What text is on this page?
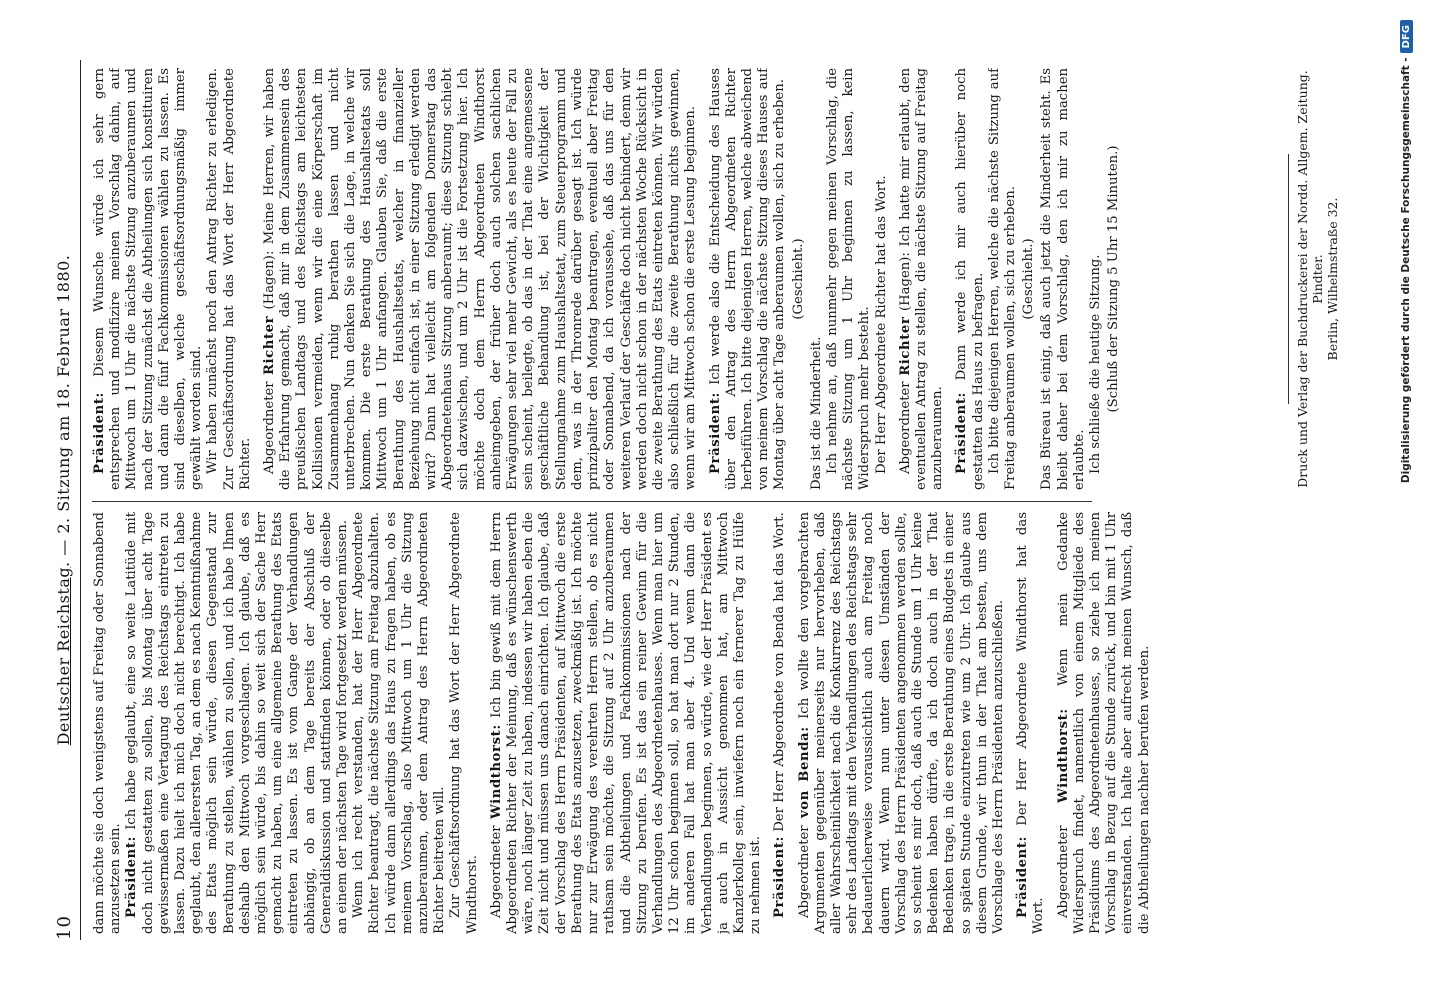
10
Deutscher Reichstag. — 2. Sitzung am 18. Februar 1880.

dann möchte sie doch wenigstens auf Freitag oder Sonnabend anzusetzen sein. Präsident: Ich habe geglaubt, eine so weite Latitüde mit doch nicht gestatten zu sollen, bis Montag über acht Tage gewissermaßen eine Vertagung des Reichstags eintreten zu lassen. Dazu hielt ich mich doch nicht berechtigt. Ich habe geglaubt, den allerersten Tag, an dem es nach Kenntnißnahme des Etats möglich sein würde, diesen Gegenstand zur Berathung zu stellen, wählen zu sollen, und ich habe Ihnen deshalb den Mittwoch vorgeschlagen. Ich glaube, daß es möglich sein würde, bis dahin so weit sich der Sache Herr gemacht zu haben, um eine allgemeine Berathung des Etats eintreten zu lassen. Es ist vom Gange der Verhandlungen abhängig, ob an dem Tage bereits der Abschluß der Generaldiskussion und stattfinden können, oder ob dieselbe an einem der nächsten Tage wird fortgesetzt werden müssen. Wenn ich recht verstanden, hat der Herr Abgeordnete Richter beantragt, die nächste Sitzung am Freitag abzuhalten. Ich würde dann allerdings das Haus zu fragen haben, ob es meinem Vorschlag, also Mittwoch um 1 Uhr die Sitzung anzuberaumen, oder dem Antrag des Herrn Abgeordneten Richter beitreten will. Zur Geschäftsordnung hat das Wort der Herr Abgeordnete Windthorst. Abgeordneter Windthorst: Ich bin gewiß mit dem Herrn Abgeordneten Richter der Meinung, daß es wünschenswerth wäre, noch länger Zeit zu haben, indessen wir haben eben die Zeit nicht und müssen uns danach einrichten. Ich glaube, daß der Vorschlag des Herrn Präsidenten, auf Mittwoch die erste Berathung des Etats anzusetzen, zweckmäßig ist. Ich möchte nur zur Erwägung des verehrten Herrn stellen, ob es nicht rathsam sein möchte, die Sitzung auf 2 Uhr anzuberaumen und die Abtheilungen und Fachkommissionen nach der Sitzung zu berufen. Es ist das ein reiner Gewinn für die Verhandlungen des Abgeordnetenhauses. Wenn man hier um 12 Uhr schon beginnen soll, so hat man dort nur 2 Stunden, im anderen Fall hat man aber 4. Und wenn dann die Verhandlungen beginnen, so würde, wie der Herr Präsident es ja auch in Aussicht genommen hat, am Mittwoch Kanzlerkolleg sein, inwiefern noch ein fernerer Tag zu Hülfe zu nehmen ist. Präsident: Der Herr Abgeordnete von Benda hat das Wort.

Abgeordneter von Benda: Ich wollte den vorgebrachten Argumenten gegenüber meinerseits nur hervorheben, daß aller Wahrscheinlichkeit nach die Konkurrenz des Reichstags sehr des Landtags mit den Verhandlungen des Reichstags sehr bedauerlicherweise voraussichtlich auch am Freitag noch dauern wird. Wenn nun unter diesen Umständen der Vorschlag des Herrn Präsidenten angenommen werden sollte, so scheint es mir doch, daß auch die Stunde um 1 Uhr keine Bedenken haben dürfte, da ich doch auch in der That Bedenken trage, in die erste Berathung eines Budgets in einer so späten Stunde einzutreten wie um 2 Uhr. Ich glaube aus diesem Grunde, wir thun in der That am besten, uns dem Vorschlage des Herrn Präsidenten anzuschließen. Präsident: Der Herr Abgeordnete Windthorst hat das Wort. Abgeordneter Windthorst: Wenn mein Gedanke Widerspruch findet, namentlich von einem Mitgliede des Präsidiums des Abgeordnetenhauses, so ziehe ich meinen Vorschlag in Bezug auf die Stunde zurück, und bin mit 1 Uhr einverstanden. Ich halte aber aufrecht meinen Wunsch, daß die Abtheilungen nachher berufen werden.

Präsident: Diesem Wunsche würde ich sehr gern entsprechen und modifizire meinen Vorschlag dahin, auf Mittwoch um 1 Uhr die nächste Sitzung anzuberaumen und nach der Sitzung zunächst die Abtheilungen sich konstituiren und dann die fünf Fachkommissionen wählen zu lassen. Es sind dieselben, welche geschäftsordnungsmäßig immer gewählt worden sind. Wir haben zunächst noch den Antrag Richter zu erledigen. Zur Geschäftsordnung hat das Wort der Herr Abgeordnete Richter. Abgeordneter Richter (Hagen): Meine Herren, wir haben die Erfahrung gemacht, daß mir in dem Zusammensein des preußischen Landtags und des Reichstags am leichtesten Kollisionen vermeiden, wenn wir die eine Körperschaft im Zusammenhang ruhig berathen lassen und nicht unterbrechen. Nun denken Sie sich die Lage, in welche wir kommen. Die erste Berathung des Haushaltsetats soll Mittwoch um 1 Uhr anfangen. Glauben Sie, daß die erste Berathung des Haushaltsetats, welcher in finanzieller Beziehung nicht einfach ist, in einer Sitzung erledigt werden wird? Dann hat vielleicht am folgenden Donnerstag das Abgeordnetenhaus Sitzung anberaumt; diese Sitzung schiebt sich dazwischen, und um 2 Uhr ist die Fortsetzung hier. Ich möchte doch dem Herrn Abgeordneten Windthorst anheimgeben, der früher doch auch solchen sachlichen Erwägungen sehr viel mehr Gewicht, als es heute der Fall zu sein scheint, beilegte, ob das in der That eine angemessene geschäftliche Behandlung ist, bei der Wichtigkeit der Stellungnahme zum Haushaltsetat, zum Steuerprogramm und dem, was in der Thronrede darüber gesagt ist. Ich würde prinzipaliter den Montag beantragen, eventuell aber Freitag oder Sonnabend, da ich voraussehe, daß das uns für den weiteren Verlauf der Geschäfte doch nicht behindert, denn wir werden doch nicht schon in der nächsten Woche Rücksicht in die zweite Berathung des Etats eintreten können. Wir würden also schließlich für die zweite Berathung nichts gewinnen, wenn wir am Mittwoch schon die erste Lesung beginnen. Präsident: Ich werde also die Entscheidung des Hauses über den Antrag des Herrn Abgeordneten Richter herbeiführen. Ich bitte diejenigen Herren, welche abweichend von meinem Vorschlag die nächste Sitzung dieses Hauses auf Montag über acht Tage anberaumen wollen, sich zu erheben. (Geschieht.)

Das ist die Minderheit. Ich nehme an, daß nunmehr gegen meinen Vorschlag, die nächste Sitzung um 1 Uhr beginnen zu lassen, kein Widerspruch mehr besteht. Der Herr Abgeordnete Richter hat das Wort. Abgeordneter Richter (Hagen): Ich hatte mir erlaubt, den eventuellen Antrag zu stellen, die nächste Sitzung auf Freitag anzuberaumen. Präsident: Dann werde ich mir auch hierüber noch gestatten das Haus zu befragen. Ich bitte diejenigen Herren, welche die nächste Sitzung auf Freitag anberaumen wollen, sich zu erheben. (Geschieht.) Das Büreau ist einig, daß auch jetzt die Minderheit steht. Es bleibt daher bei dem Vorschlag, den ich mir zu machen erlaubte. Ich schließe die heutige Sitzung. (Schluß der Sitzung 5 Uhr 15 Minuten.)	Druck und Verlag der Buchdruckerei der Nordd. Allgem. Zeitung. Pindter. Berlin, Wilhelmstraße 32.	Digitalisierung gefördert durch die Deutsche Forschungsgemeinschaft -DFG
